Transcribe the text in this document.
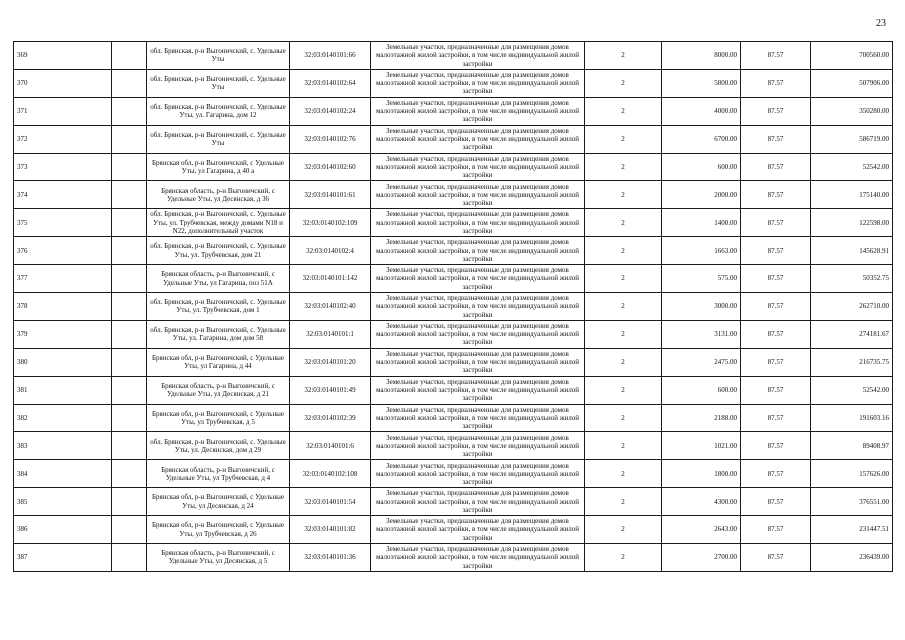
23
369		обл. Брянская, р-н Выгоничский, с. Удельные Уты	32:03:0140101:66	Земельные участки, предназначенные для размещения домов малоэтажной жилой застройки, в том числе индивидуальной жилой застройки	2	8000.00	87.57	700560.00
370		обл. Брянская, р-н Выгоничский, с. Удельные Уты	32:03:0140102:64	Земельные участки, предназначенные для размещения домов малоэтажной жилой застройки, в том числе индивидуальной жилой застройки	2	5800.00	87.57	507906.00
371		обл. Брянская, р-н Выгоничский, с. Удельные Уты, ул. Гагарина, дом 12	32:03:0140102:24	Земельные участки, предназначенные для размещения домов малоэтажной жилой застройки, в том числе индивидуальной жилой застройки	2	4000.00	87.57	350280.00
372		обл. Брянская, р-н Выгоничский, с. Удельные Уты	32:03:0140102:76	Земельные участки, предназначенные для размещения домов малоэтажной жилой застройки, в том числе индивидуальной жилой застройки	2	6700.00	87.57	586719.00
373		Брянская обл, р-н Выгоничский, с Удельные Уты, ул Гагарина, д 40 а	32:03:0140102:60	Земельные участки, предназначенные для размещения домов малоэтажной жилой застройки, в том числе индивидуальной жилой застройки	2	600.00	87.57	52542.00
374		Брянская область, р-н Выгоничский, с Удельные Уты, ул Десянская, д 36	32:03:0140101:61	Земельные участки, предназначенные для размещения домов малоэтажной жилой застройки, в том числе индивидуальной жилой застройки	2	2000.00	87.57	175140.00
375		обл. Брянская, р-н Выгоничский, с. Удельные Уты, ул. Трубчевская, между домами N18 и N22, дополнительный участок	32:03:0140102:109	Земельные участки, предназначенные для размещения домов малоэтажной жилой застройки, в том числе индивидуальной жилой застройки	2	1400.00	87.57	122598.00
376		обл. Брянская, р-н Выгоничский, с. Удельные Уты, ул. Трубчевская, дом 21	32:03:0140102:4	Земельные участки, предназначенные для размещения домов малоэтажной жилой застройки, в том числе индивидуальной жилой застройки	2	1663.00	87.57	145628.91
377		Брянская область, р-н Выгоничский, с Удельные Уты, ул Гагарина, поз 51А	32:03:0140101:142	Земельные участки, предназначенные для размещения домов малоэтажной жилой застройки, в том числе индивидуальной жилой застройки	2	575.00	87.57	50352.75
378		обл. Брянская, р-н Выгоничский, с. Удельные Уты, ул. Трубчевская, дом 1	32:03:0140102:40	Земельные участки, предназначенные для размещения домов малоэтажной жилой застройки, в том числе индивидуальной жилой застройки	2	3000.00	87.57	262710.00
379		обл. Брянская, р-н Выгоничский, с. Удельные Уты, ул. Гагарина, дом дом 58	32:03:0140101:1	Земельные участки, предназначенные для размещения домов малоэтажной жилой застройки, в том числе индивидуальной жилой застройки	2	3131.00	87.57	274181.67
380		Брянская обл, р-н Выгоничский, с Удельные Уты, ул Гагарина, д 44	32:03:0140101:20	Земельные участки, предназначенные для размещения домов малоэтажной жилой застройки, в том числе индивидуальной жилой застройки	2	2475.00	87.57	216735.75
381		Брянская область, р-н Выгоничский, с Удельные Уты, ул Десянская, д 21	32:03:0140101:49	Земельные участки, предназначенные для размещения домов малоэтажной жилой застройки, в том числе индивидуальной жилой застройки	2	600.00	87.57	52542.00
382		Брянская обл, р-н Выгоничский, с Удельные Уты, ул Трубчевская, д 5	32:03:0140102:39	Земельные участки, предназначенные для размещения домов малоэтажной жилой застройки, в том числе индивидуальной жилой застройки	2	2188.00	87.57	191603.16
383		обл. Брянская, р-н Выгоничский, с. Удельные Уты, ул. Десянская, дом д 29	32:03:0140101:6	Земельные участки, предназначенные для размещения домов малоэтажной жилой застройки, в том числе индивидуальной жилой застройки	2	1021.00	87.57	89408.97
384		Брянская область, р-н Выгоничский, с Удельные Уты, ул Трубчевская, д 4	32:03:0140102:108	Земельные участки, предназначенные для размещения домов малоэтажной жилой застройки, в том числе индивидуальной жилой застройки	2	1800.00	87.57	157626.00
385		Брянская обл, р-н Выгоничский, с Удельные Уты, ул Десянская, д 24	32:03:0140101:54	Земельные участки, предназначенные для размещения домов малоэтажной жилой застройки, в том числе индивидуальной жилой застройки	2	4300.00	87.57	376551.00
386		Брянская обл, р-н Выгоничский, с Удельные Уты, ул Трубчевская, д 26	32:03:0140101:82	Земельные участки, предназначенные для размещения домов малоэтажной жилой застройки, в том числе индивидуальной жилой застройки	2	2643.00	87.57	231447.51
387		Брянская область, р-н Выгоничский, с Удельные Уты, ул Десянская, д 5	32:03:0140101:36	Земельные участки, предназначенные для размещения домов малоэтажной жилой застройки, в том числе индивидуальной жилой застройки	2	2700.00	87.57	236439.00
